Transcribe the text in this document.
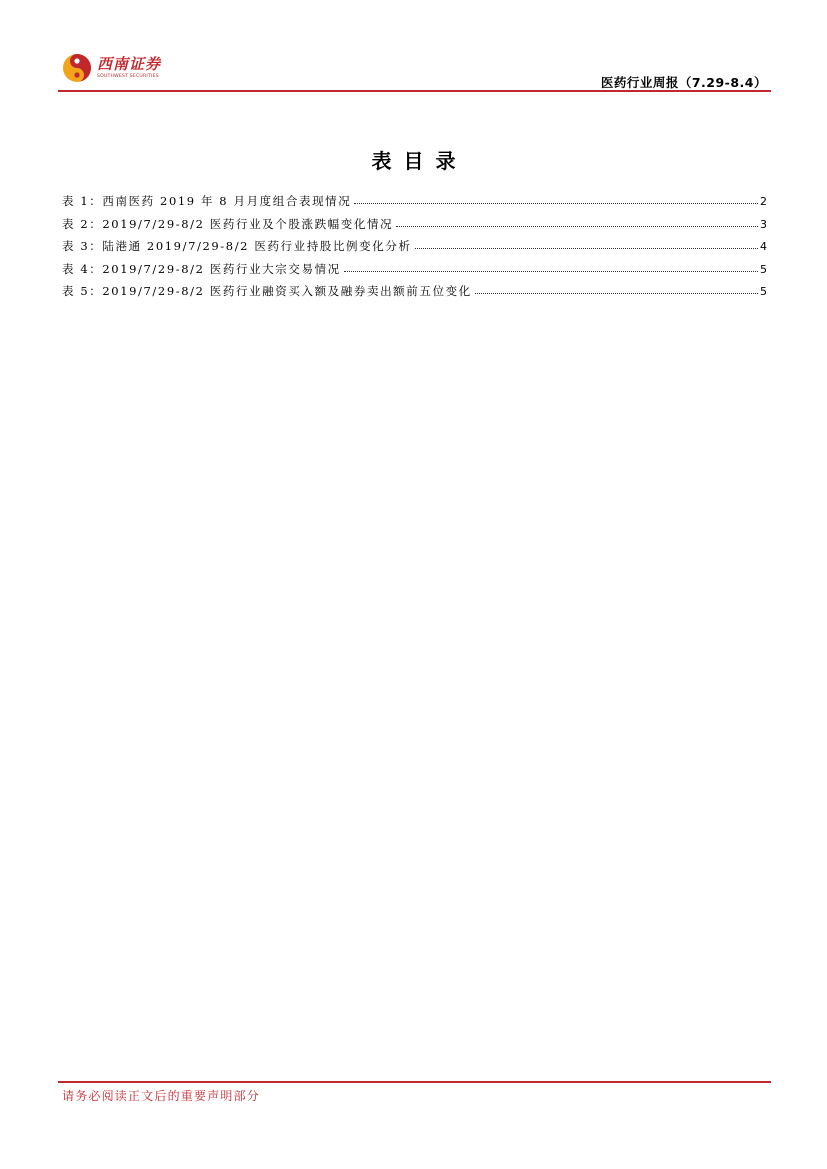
西南证券
SOUTHWEST SECURITIES	医药行业周报（7.29-8.4）
表目录
表 1：西南医药 2019 年 8 月月度组合表现情况	2
表 2：2019/7/29-8/2 医药行业及个股涨跌幅变化情况	3
表 3：陆港通 2019/7/29-8/2 医药行业持股比例变化分析	4
表 4：2019/7/29-8/2 医药行业大宗交易情况	5
表 5：2019/7/29-8/2 医药行业融资买入额及融券卖出额前五位变化	5
请务必阅读正文后的重要声明部分
